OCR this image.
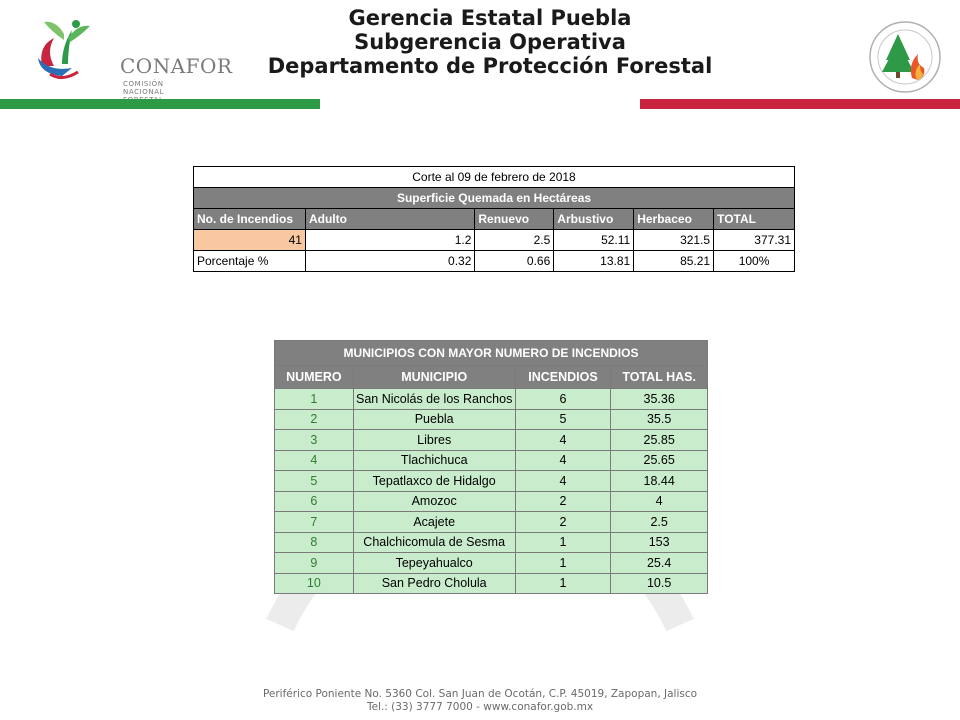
CONAFOR
COMISIÓN NACIONAL
Gerencia Estatal Puebla
Subgerencia Operativa
Departamento de Protección Forestal
Corte al 09 de febrero de 2018					
Superficie Quemada en Hectáreas					
No. de Incendios	Adulto	Renuevo	Arbustivo	Herbaceo	TOTAL
41	1.2	2.5	52.11	321.5	377.31
Porcentaje %	0.32	0.66	13.81	85.21	100%
MUNICIPIOS CON MAYOR NUMERO DE INCENDIOS			
NUMERO	MUNICIPIO	INCENDIOS	TOTAL HAS.
1	San Nicolás de los Ranchos	6	35.36
2	Puebla	5	35.5
3	Libres	4	25.85
4	Tlachichuca	4	25.65
5	Tepatlaxco de Hidalgo	4	18.44
6	Amozoc	2	4
7	Acajete	2	2.5
8	Chalchicomula de Sesma	1	153
9	Tepeyahualco	1	25.4
10	San Pedro Cholula	1	10.5
Periférico Poniente No. 5360 Col. San Juan de Ocotán, C.P. 45019, Zapopan, Jalisco
Tel.: (33) 3777 7000 - www.conafor.gob.mx
